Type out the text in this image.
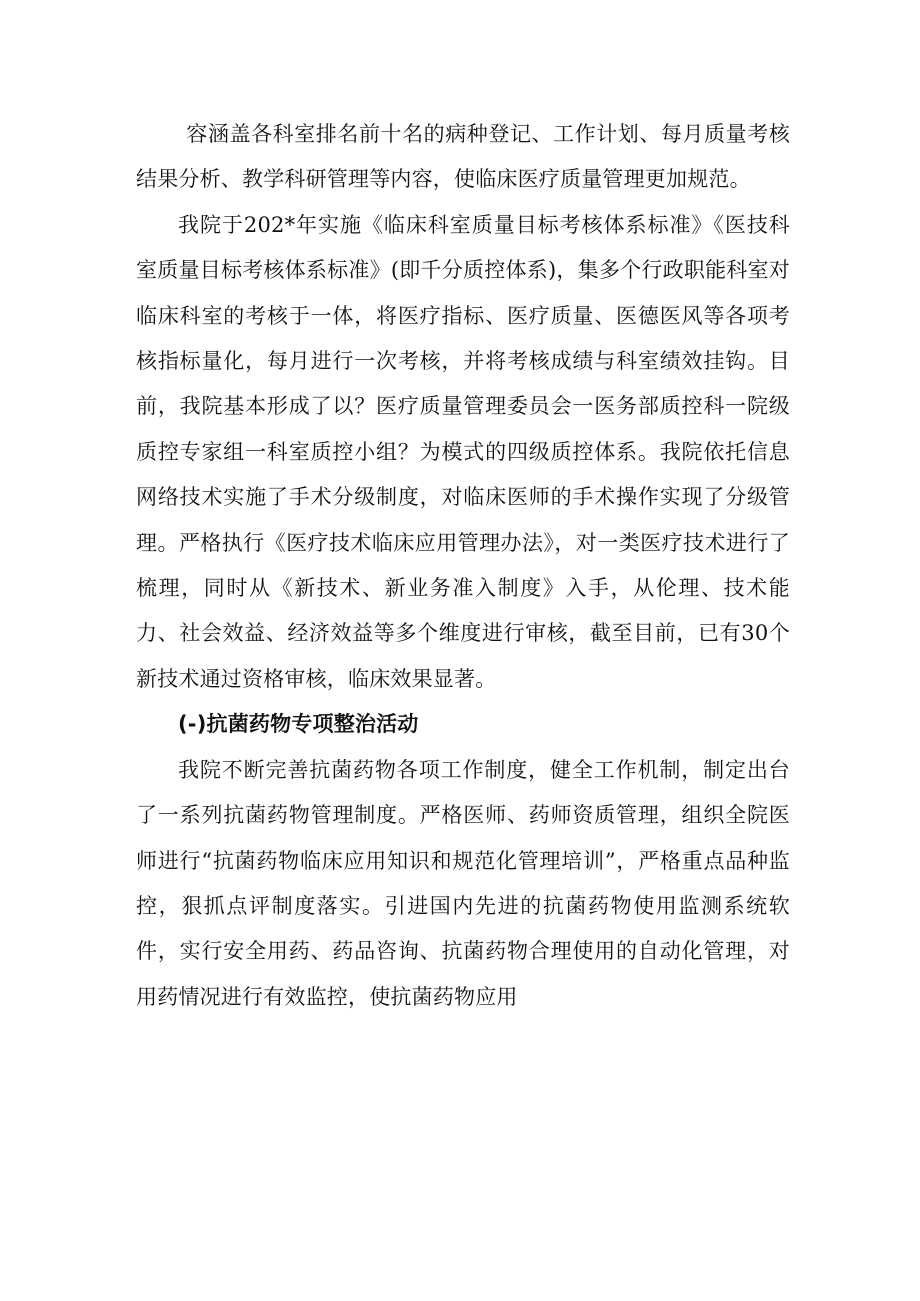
容涵盖各科室排名前十名的病种登记、工作计划、每月质量考核结果分析、教学科研管理等内容，使临床医疗质量管理更加规范。

我院于202*年实施《临床科室质量目标考核体系标准》《医技科室质量目标考核体系标准》(即千分质控体系)，集多个行政职能科室对临床科室的考核于一体，将医疗指标、医疗质量、医德医风等各项考核指标量化，每月进行一次考核，并将考核成绩与科室绩效挂钩。目前，我院基本形成了以？医疗质量管理委员会一医务部质控科一院级质控专家组一科室质控小组？为模式的四级质控体系。我院依托信息网络技术实施了手术分级制度，对临床医师的手术操作实现了分级管理。严格执行《医疗技术临床应用管理办法》，对一类医疗技术进行了梳理，同时从《新技术、新业务准入制度》入手，从伦理、技术能力、社会效益、经济效益等多个维度进行审核，截至目前，已有30个新技术通过资格审核，临床效果显著。

(-)抗菌药物专项整治活动

我院不断完善抗菌药物各项工作制度，健全工作机制，制定出台了一系列抗菌药物管理制度。严格医师、药师资质管理，组织全院医师进行“抗菌药物临床应用知识和规范化管理培训”，严格重点品种监控，狠抓点评制度落实。引进国内先进的抗菌药物使用监测系统软件，实行安全用药、药品咨询、抗菌药物合理使用的自动化管理，对用药情况进行有效监控，使抗菌药物应用
